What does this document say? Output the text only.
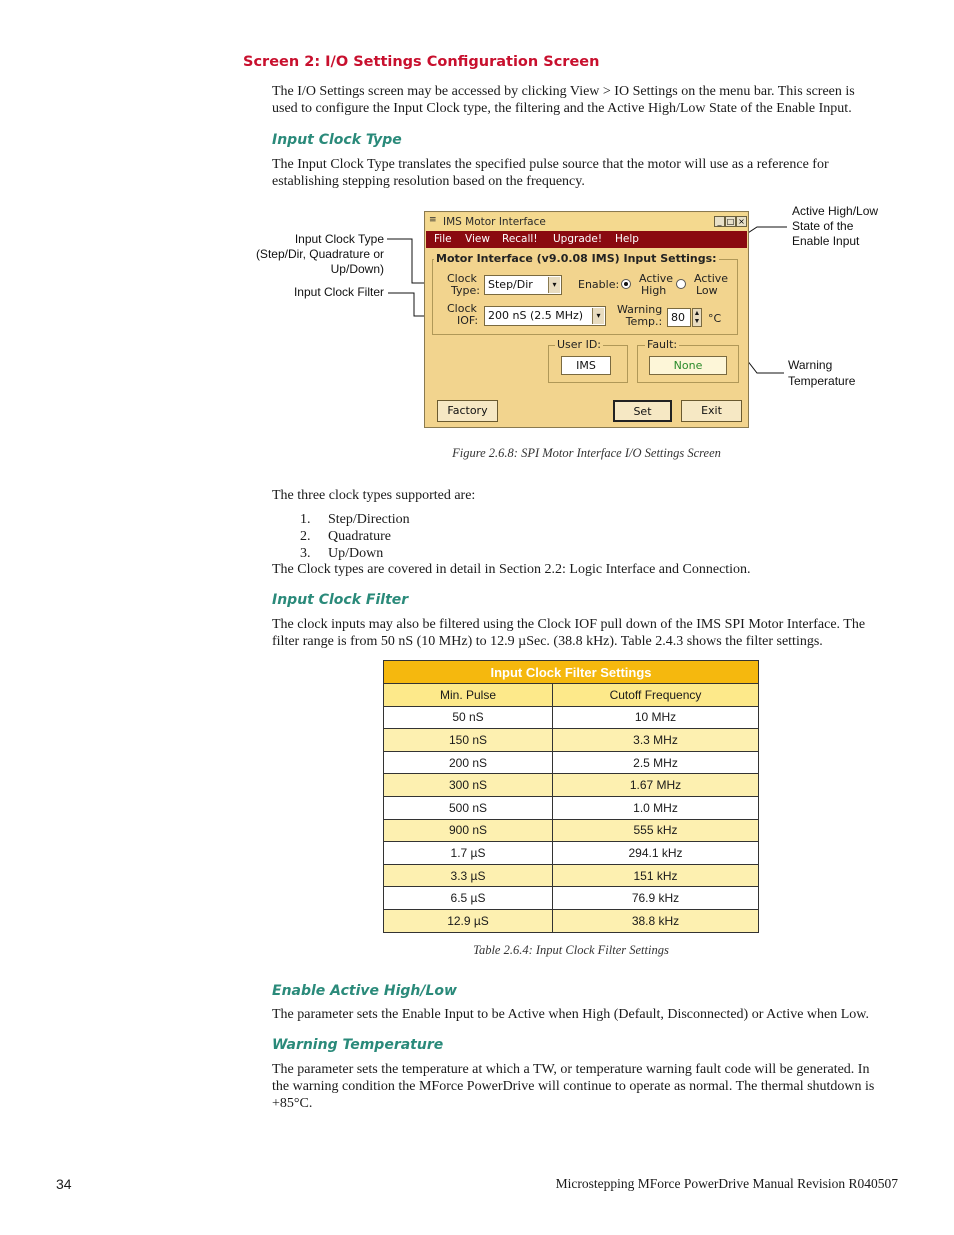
Screen 2: I/O Settings Configuration Screen
The I/O Settings screen may be accessed by clicking View > IO Settings on the menu bar. This screen is used to configure the Input Clock type, the filtering and the Active High/Low State of the Enable Input.
Input Clock Type
The Input Clock Type translates the specified pulse source that the motor will use as a reference for establishing stepping resolution based on the frequency.
Input Clock Type
(Step/Dir, Quadrature or
Up/Down)
Input Clock Filter
Active High/Low
State of the
Enable Input
Warning
Temperature
≡ IMS Motor Interface	_ □ ×
File View Recall! Upgrade! Help
Motor Interface (v9.0.08 IMS) Input Settings:
Clock
Type: Step/Dir	▾	Enable: Active
High
Active
Low
Clock
IOF: 200 nS (2.5 MHz)	▾	Warning
Temp.: 80	▲
▼ °C
User ID:
IMS
Fault:
None
Factory	Set	Exit
Figure 2.6.8: SPI Motor Interface I/O Settings Screen
The three clock types supported are:
1. Step/Direction
2. Quadrature
3. Up/Down
The Clock types are covered in detail in Section 2.2: Logic Interface and Connection.
Input Clock Filter
The clock inputs may also be filtered using the Clock IOF pull down of the IMS SPI Motor Interface. The filter range is from 50 nS (10 MHz) to 12.9 µSec. (38.8 kHz). Table 2.4.3 shows the filter settings.
Input Clock Filter Settings	
Min. Pulse	Cutoff Frequency
50 nS	10 MHz
150 nS	3.3 MHz
200 nS	2.5 MHz
300 nS	1.67 MHz
500 nS	1.0 MHz
900 nS	555 kHz
1.7 µS	294.1 kHz
3.3 µS	151 kHz
6.5 µS	76.9 kHz
12.9 µS	38.8 kHz
Table 2.6.4: Input Clock Filter Settings
Enable Active High/Low
The parameter sets the Enable Input to be Active when High (Default, Disconnected) or Active when Low.
Warning Temperature
The parameter sets the temperature at which a TW, or temperature warning fault code will be generated. In the warning condition the MForce PowerDrive will continue to operate as normal. The thermal shutdown is +85°C.
34	Microstepping MForce PowerDrive Manual Revision R040507
